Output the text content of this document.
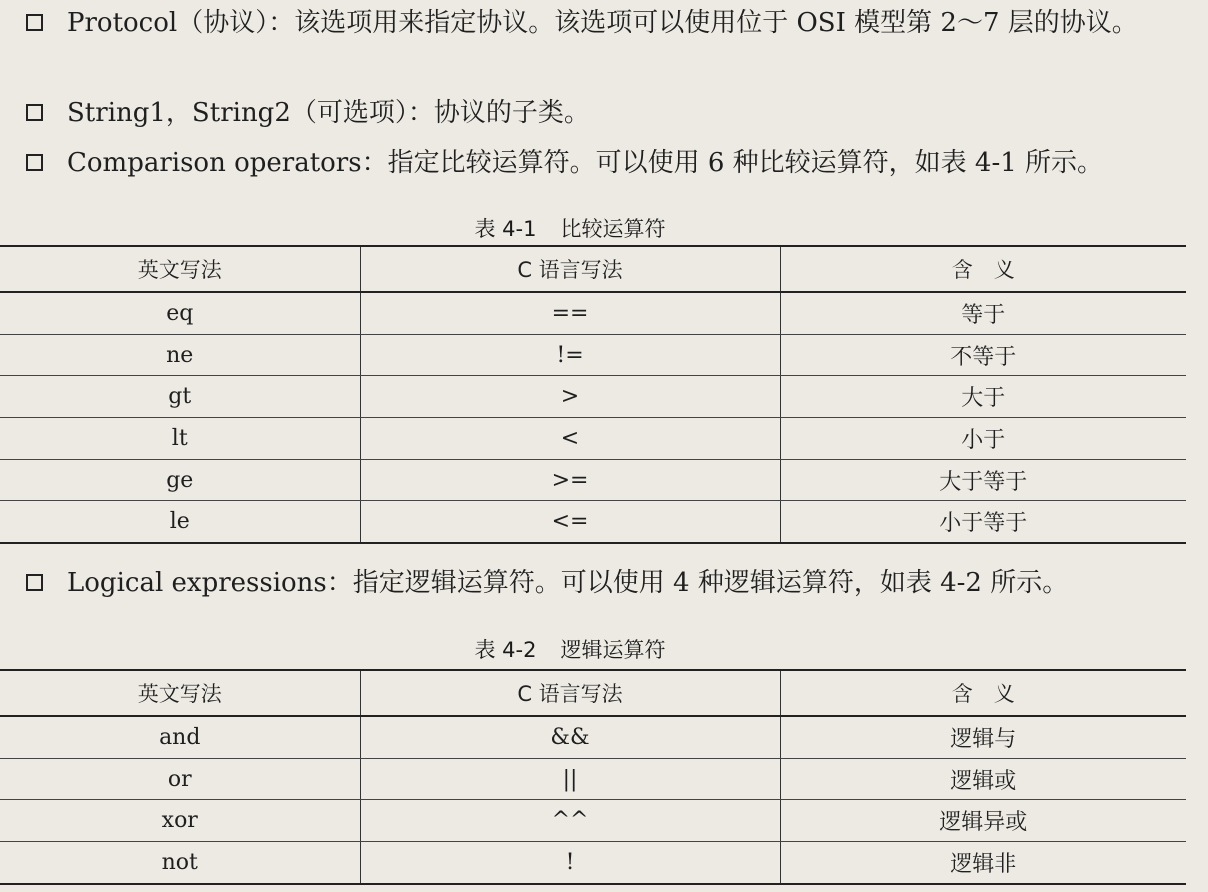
Protocol（协议）：该选项用来指定协议。该选项可以使用位于 OSI 模型第 2～7 层的协议。
String1，String2（可选项）：协议的子类。
Comparison operators：指定比较运算符。可以使用 6 种比较运算符，如表 4-1 所示。
表 4-1 比较运算符
英文写法	C 语言写法	含　义
eq	==	等于
ne	!=	不等于
gt	>	大于
lt	<	小于
ge	>=	大于等于
le	<=	小于等于
Logical expressions：指定逻辑运算符。可以使用 4 种逻辑运算符，如表 4-2 所示。
表 4-2 逻辑运算符
英文写法	C 语言写法	含　义
and	&&	逻辑与
or	||	逻辑或
xor	^^	逻辑异或
not	!	逻辑非
